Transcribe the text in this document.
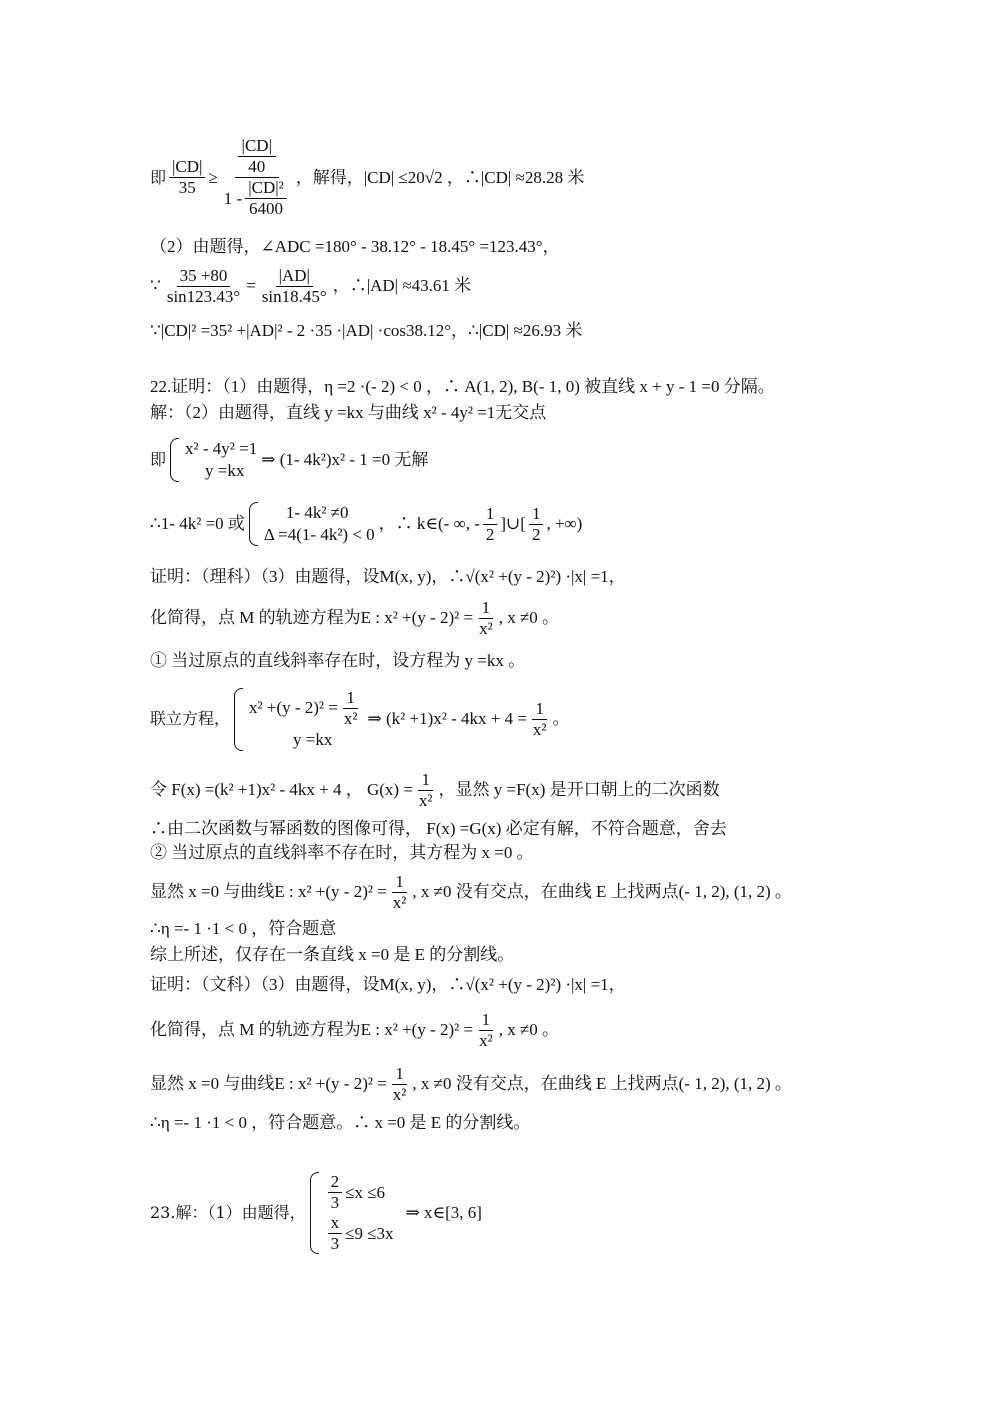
即 $\frac{|CD|}{35} \ge |CD|$
40
$1 - \frac{\text{|CD|²}}{6400}$ ，解得，|CD| ≤20√2 ，∴|CD| ≈28.28 米
（2）由题得，∠ADC =180° - 38.12° - 18.45° =123.43°，
∵ $\frac{35 +80}{\sin 123.43^\circ} = \frac{|AD|}{\sin 18.45^\circ}$ ，∴|AD| ≈43.61 米
∵|CD|² =35² +|AD|² - 2 ·35 ·|AD| ·cos38.12°，∴|CD| ≈26.93 米
22.证明：（1）由题得，η =2 ·(- 2) < 0 ，∴ A(1, 2), B(- 1, 0) 被直线 x + y - 1 =0 分隔。
解：（2）由题得，直线 y =kx 与曲线 x² - 4y² =1无交点
即
x² - 4y² =1
y =kx
⇒ (1- 4k²)x² - 1 =0 无解
∴1- 4k² =0 或
1- 4k² ≠0
Δ =4(1- 4k²) < 0
，∴ k∈(- ∞, - $\frac{1}{2}$ ]∪[ $\frac{1}{2}$ , +∞)
证明：（理科）（3）由题得，设M(x, y)，∴√(x² +(y - 2)²) ·|x| =1，
化简得，点 M 的轨迹方程为E : $x^2 +(y - 2)^2 = \frac{1}{\text{x²}}$ , x ≠0 。
① 当过原点的直线斜率存在时，设方程为 y =kx 。
联立方程，
$x^2 +(y - 2)^2 = \frac{1}{\text{x²}}$
y =kx
⇒ $(k^2 +1)x^2 - 4kx + 4 = \frac{1}{\text{x²}}$ 。
令 F(x) =(k² +1)x² - 4kx + 4 ， $G(x) = \frac{1}{\text{x²}}$ ，显然 y =F(x) 是开口朝上的二次函数
∴由二次函数与幂函数的图像可得， F(x) =G(x) 必定有解，不符合题意，舍去
② 当过原点的直线斜率不存在时，其方程为 x =0 。
显然 x =0 与曲线E : $x^2 +(y - 2)^2 = \frac{1}{\text{x²}}$ , x ≠0 没有交点，在曲线 E 上找两点(- 1, 2), (1, 2) 。
∴η =- 1 ·1 < 0 ，符合题意
综上所述，仅存在一条直线 x =0 是 E 的分割线。
证明：（文科）（3）由题得，设M(x, y)，∴√(x² +(y - 2)²) ·|x| =1，
化简得，点 M 的轨迹方程为E : $x^2 +(y - 2)^2 = \frac{1}{\text{x²}}$ , x ≠0 。
显然 x =0 与曲线E : $x^2 +(y - 2)^2 = \frac{1}{\text{x²}}$ , x ≠0 没有交点，在曲线 E 上找两点(- 1, 2), (1, 2) 。
∴η =- 1 ·1 < 0 ，符合题意。∴ x =0 是 E 的分割线。
23.解：（1）由题得， $\frac{2}{3} \le x \le 6$
$\frac{x}{3} \le 9 \le 3x$
⇒ x∈[3, 6]
